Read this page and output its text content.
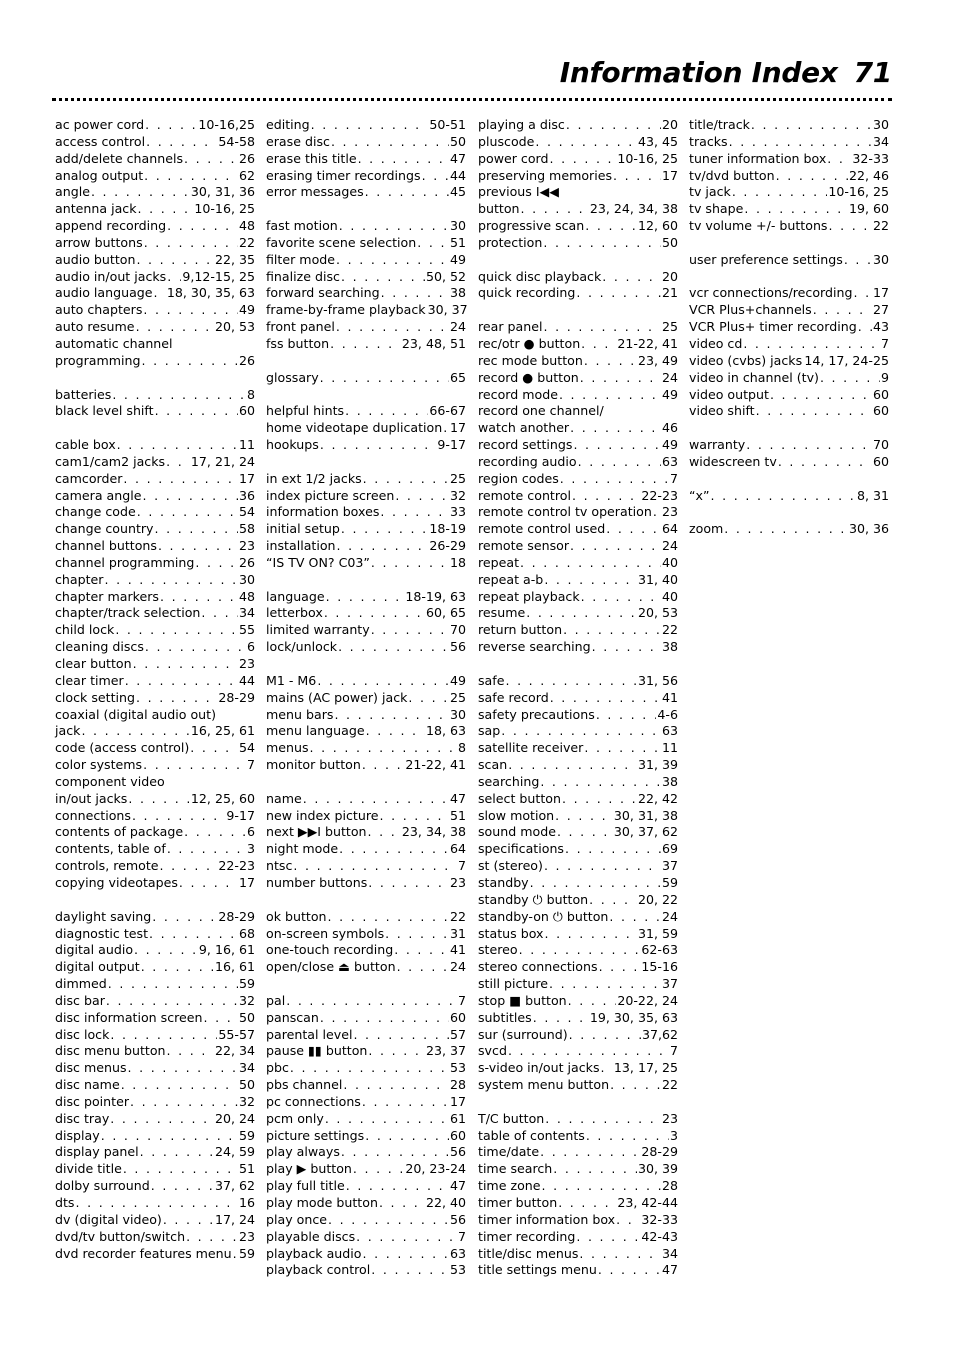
Information Index 71
ac power cord . . .	10-16,25
access control . . .	54-58
add/delete channels . . .	26
analog output . . .	62
angle . . .	30, 31, 36
antenna jack . . .	10-16, 25
append recording . . .	48
arrow buttons . . .	22
audio button . . .	22, 35
audio in/out jacks . . . 9,12-15, 25
audio language . . . 18, 30, 35, 63
auto chapters . . .	49
auto resume . . .	20, 53
automatic channel
programming . . .	26
batteries . . .	8
black level shift . . .	60
cable box . . .	11
cam1/cam2 jacks . . . 17, 21, 24
camcorder . . .	17
camera angle . . .	36
change code . . .	54
change country . . .	58
channel buttons . . .	23
channel programming . . .	26
chapter . . .	30
chapter markers . . .	48
chapter/track selection . . .	34
child lock . . .	55
cleaning discs . . .	6
clear button . . .	23
clear timer . . .	44
clock setting . . .	28-29
coaxial (digital audio out)
jack . . .	16, 25, 61
code (access control) . . .	54
color systems . . .	7
component video
in/out jacks . . .	12, 25, 60
connections . . .	9-17
contents of package . . .	6
contents, table of . . .	3
controls, remote . . .	22-23
copying videotapes . . .	17
daylight saving . . .	28-29
diagnostic test . . .	68
digital audio . . .	9, 16, 61
digital output . . .	16, 61
dimmed . . .	59
disc bar . . .	32
disc information screen . . .	50
disc lock . . .	55-57
disc menu button . . .	22, 34
disc menus . . .	34
disc name . . .	50
disc pointer . . .	32
disc tray . . .	20, 24
display . . .	59
display panel . . .	24, 59
divide title . . .	51
dolby surround . . .	37, 62
dts . . .	16
dv (digital video) . . .	17, 24
dvd/tv button/switch . . .	23
dvd recorder features menu . . . 59
editing . . .	50-51
erase disc . . .	50
erase this title . . .	47
erasing timer recordings . . . 44
error messages . . .	45
fast motion . . .	30
favorite scene selection . . .	51
filter mode . . .	49
finalize disc . . .	50, 52
forward searching . . .	38
frame-by-frame playback 30, 37
front panel . . .	24
fss button . . .	23, 48, 51
glossary . . .	65
helpful hints . . .	66-67
home videotape duplication . . . 17
hookups . . .	9-17
in ext 1/2 jacks . . .	25
index picture screen . . .	32
information boxes . . .	33
initial setup . . .	18-19
installation . . .	26-29
“IS TV ON? C03” . . .	18
language . . .	18-19, 63
letterbox . . .	60, 65
limited warranty . . .	70
lock/unlock . . .	56
M1 - M6 . . .	49
mains (AC power) jack . . .	25
menu bars . . .	30
menu language . . .	18, 63
menus . . .	8
monitor button . . .	21-22, 41
name . . .	47
new index picture . . .	51
next ▶▶I button . . .	23, 34, 38
night mode . . .	64
ntsc . . .	7
number buttons . . .	23
ok button . . .	22
on-screen symbols . . .	31
one-touch recording . . .	41
open/close ⏏ button . . .	24
pal . . .	7
panscan . . .	60
parental level . . .	57
pause ▮▮ button . . .	23, 37
pbc . . .	53
pbs channel . . .	28
pc connections . . .	17
pcm only . . .	61
picture settings . . .	60
play always . . .	56
play ▶ button . . .	20, 23-24
play full title . . .	47
play mode button . . .	22, 40
play once . . .	56
playable discs . . .	7
playback audio . . .	63
playback control . . .	53
playing a disc . . .	20
pluscode . . .	43, 45
power cord . . .	10-16, 25
preserving memories . . .	17
previous I◀◀
button . . .	23, 24, 34, 38
progressive scan . . .	12, 60
protection . . .	50
quick disc playback . . .	20
quick recording . . .	21
rear panel . . .	25
rec/otr ● button . . .	21-22, 41
rec mode button . . .	23, 49
record ● button . . .	24
record mode . . .	49
record one channel/
watch another . . .	46
record settings . . .	49
recording audio . . .	63
region codes . . .	7
remote control . . .	22-23
remote control tv operation . . . 23
remote control used . . .	64
remote sensor . . .	24
repeat . . .	40
repeat a-b . . .	31, 40
repeat playback . . .	40
resume . . .	20, 53
return button . . .	22
reverse searching . . .	38
safe . . .	31, 56
safe record . . .	41
safety precautions . . .	4-6
sap . . .	63
satellite receiver . . .	11
scan . . .	31, 39
searching . . .	38
select button . . .	22, 42
slow motion . . .	30, 31, 38
sound mode . . .	30, 37, 62
specifications . . .	69
st (stereo) . . .	37
standby . . .	59
standby ⏻ button . . .	20, 22
standby-on ⏻ button . . .	24
status box . . .	31, 59
stereo . . .	62-63
stereo connections . . .	15-16
still picture . . .	37
stop ■ button . . .	20-22, 24
subtitles . . .	19, 30, 35, 63
sur (surround) . . .	37,62
svcd . . .	7
s-video in/out jacks . . . 13, 17, 25
system menu button . . .	22
T/C button . . .	23
table of contents . . .	3
time/date . . .	28-29
time search . . .	30, 39
time zone . . .	28
timer button . . .	23, 42-44
timer information box . . . 32-33
timer recording . . .	42-43
title/disc menus . . .	34
title settings menu . . .	47
title/track . . .	30
tracks . . .	34
tuner information box . . . 32-33
tv/dvd button . . .	22, 46
tv jack . . .	10-16, 25
tv shape . . .	19, 60
tv volume +/- buttons . . .	22
user preference settings . . . 30
vcr connections/recording . . . 17
VCR Plus+channels . . .	27
VCR Plus+ timer recording . . . 43
video cd . . .	7
video (cvbs) jacks . . . 14, 17, 24-25
video in channel (tv) . . .	9
video output . . .	60
video shift . . .	60
warranty . . .	70
widescreen tv . . .	60
“x” . . .	8, 31
zoom . . .	30, 36
